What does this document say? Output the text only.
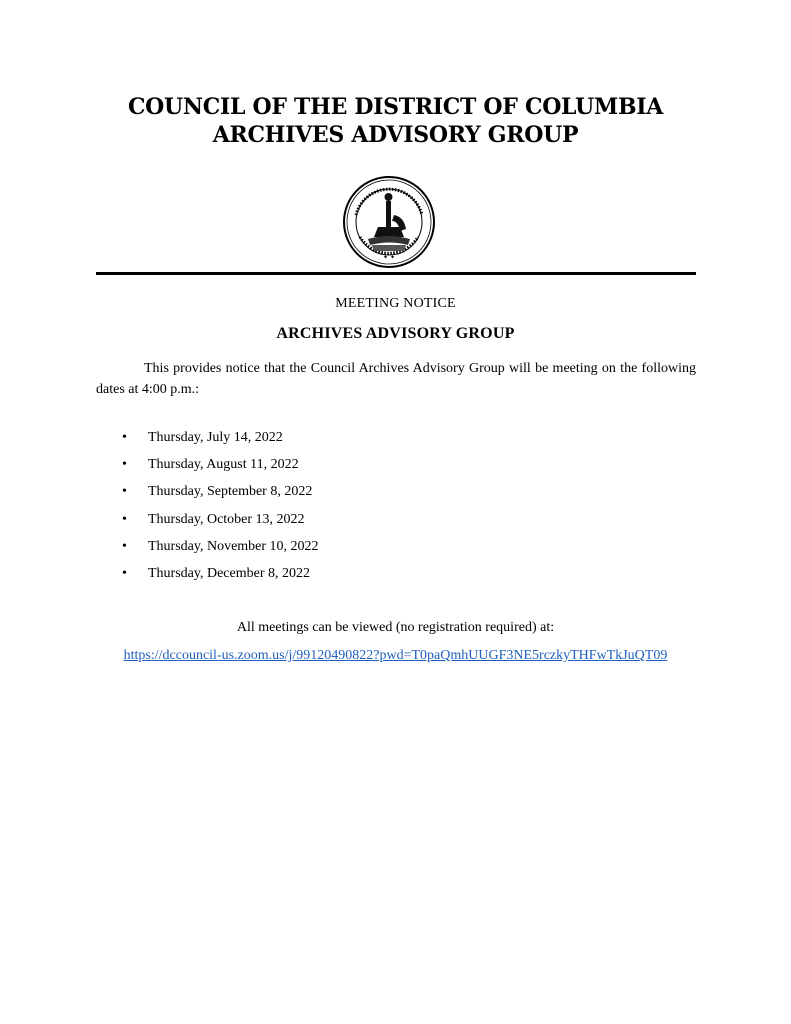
COUNCIL OF THE DISTRICT OF COLUMBIA
ARCHIVES ADVISORY GROUP
✦ ✦
MEETING NOTICE
ARCHIVES ADVISORY GROUP
This provides notice that the Council Archives Advisory Group will be meeting on the following dates at 4:00 p.m.:
• Thursday, July 14, 2022
• Thursday, August 11, 2022
• Thursday, September 8, 2022
• Thursday, October 13, 2022
• Thursday, November 10, 2022
• Thursday, December 8, 2022
All meetings can be viewed (no registration required) at:
https://dccouncil-us.zoom.us/j/99120490822?pwd=T0paQmhUUGF3NE5rczkyTHFwTkJuQT09
